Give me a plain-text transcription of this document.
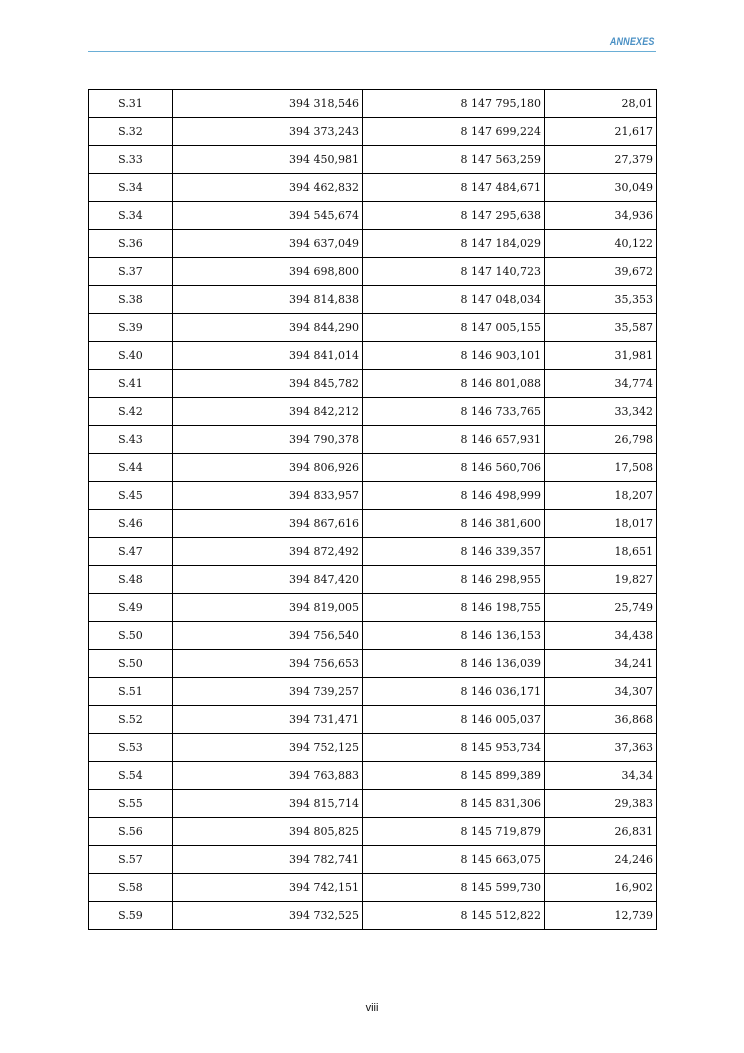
ANNEXES
S.31	394 318,546	8 147 795,180	28,01
S.32	394 373,243	8 147 699,224	21,617
S.33	394 450,981	8 147 563,259	27,379
S.34	394 462,832	8 147 484,671	30,049
S.34	394 545,674	8 147 295,638	34,936
S.36	394 637,049	8 147 184,029	40,122
S.37	394 698,800	8 147 140,723	39,672
S.38	394 814,838	8 147 048,034	35,353
S.39	394 844,290	8 147 005,155	35,587
S.40	394 841,014	8 146 903,101	31,981
S.41	394 845,782	8 146 801,088	34,774
S.42	394 842,212	8 146 733,765	33,342
S.43	394 790,378	8 146 657,931	26,798
S.44	394 806,926	8 146 560,706	17,508
S.45	394 833,957	8 146 498,999	18,207
S.46	394 867,616	8 146 381,600	18,017
S.47	394 872,492	8 146 339,357	18,651
S.48	394 847,420	8 146 298,955	19,827
S.49	394 819,005	8 146 198,755	25,749
S.50	394 756,540	8 146 136,153	34,438
S.50	394 756,653	8 146 136,039	34,241
S.51	394 739,257	8 146 036,171	34,307
S.52	394 731,471	8 146 005,037	36,868
S.53	394 752,125	8 145 953,734	37,363
S.54	394 763,883	8 145 899,389	34,34
S.55	394 815,714	8 145 831,306	29,383
S.56	394 805,825	8 145 719,879	26,831
S.57	394 782,741	8 145 663,075	24,246
S.58	394 742,151	8 145 599,730	16,902
S.59	394 732,525	8 145 512,822	12,739
viii
